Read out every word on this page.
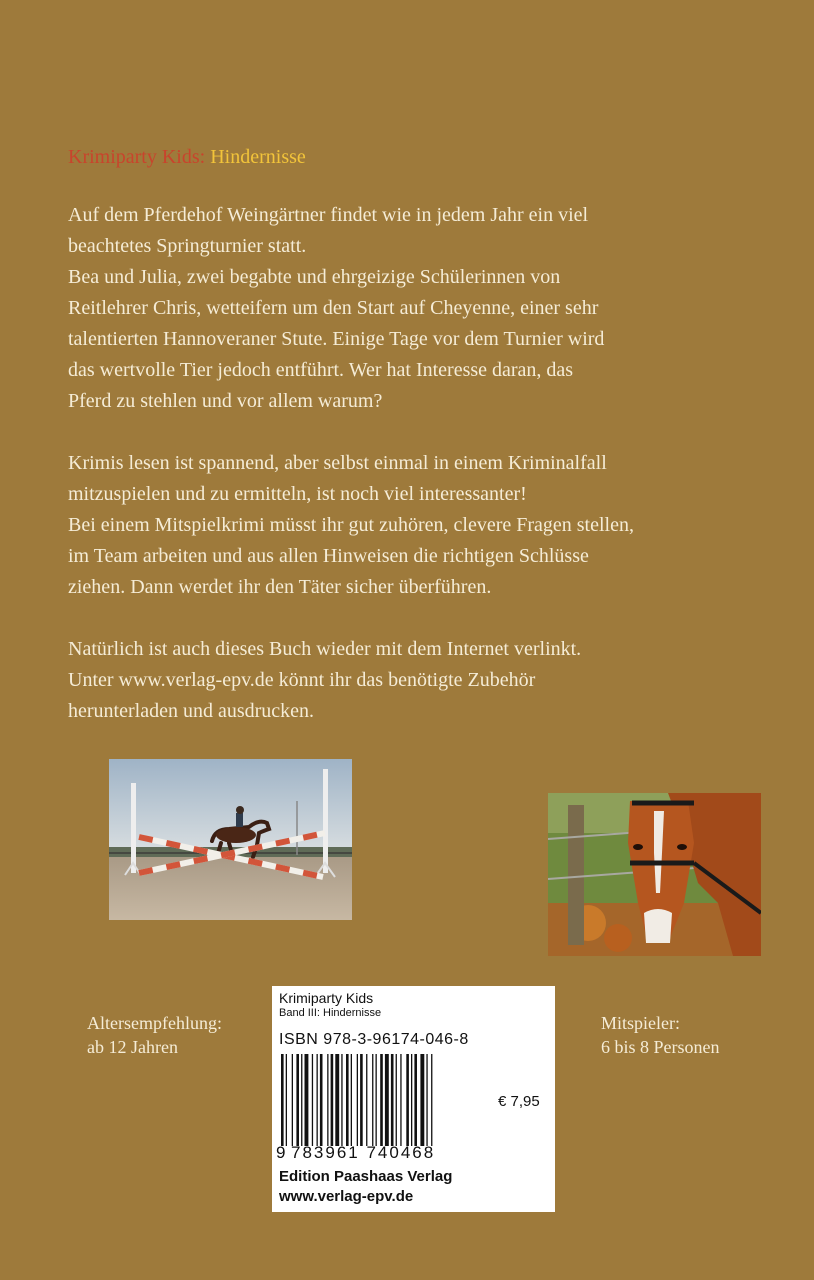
Krimiparty Kids: Hindernisse

Auf dem Pferdehof Weingärtner findet wie in jedem Jahr ein viel
beachtetes Springturnier statt.
Bea und Julia, zwei begabte und ehrgeizige Schülerinnen von
Reitlehrer Chris, wetteifern um den Start auf Cheyenne, einer sehr
talentierten Hannoveraner Stute. Einige Tage vor dem Turnier wird
das wertvolle Tier jedoch entführt. Wer hat Interesse daran, das
Pferd zu stehlen und vor allem warum?
Krimis lesen ist spannend, aber selbst einmal in einem Kriminalfall
mitzuspielen und zu ermitteln, ist noch viel interessanter!
Bei einem Mitspielkrimi müsst ihr gut zuhören, clevere Fragen stellen,
im Team arbeiten und aus allen Hinweisen die richtigen Schlüsse
ziehen. Dann werdet ihr den Täter sicher überführen.
Natürlich ist auch dieses Buch wieder mit dem Internet verlinkt.
Unter www.verlag-epv.de könnt ihr das benötigte Zubehör
herunterladen und ausdrucken.
Altersempfehlung:
ab 12 Jahren
Mitspieler:
6 bis 8 Personen

Krimiparty Kids

Band III: Hindernisse

ISBN 978-3-96174-046-8

€ 7,95

9 783961 740468

Edition Paashaas Verlag

www.verlag-epv.de
